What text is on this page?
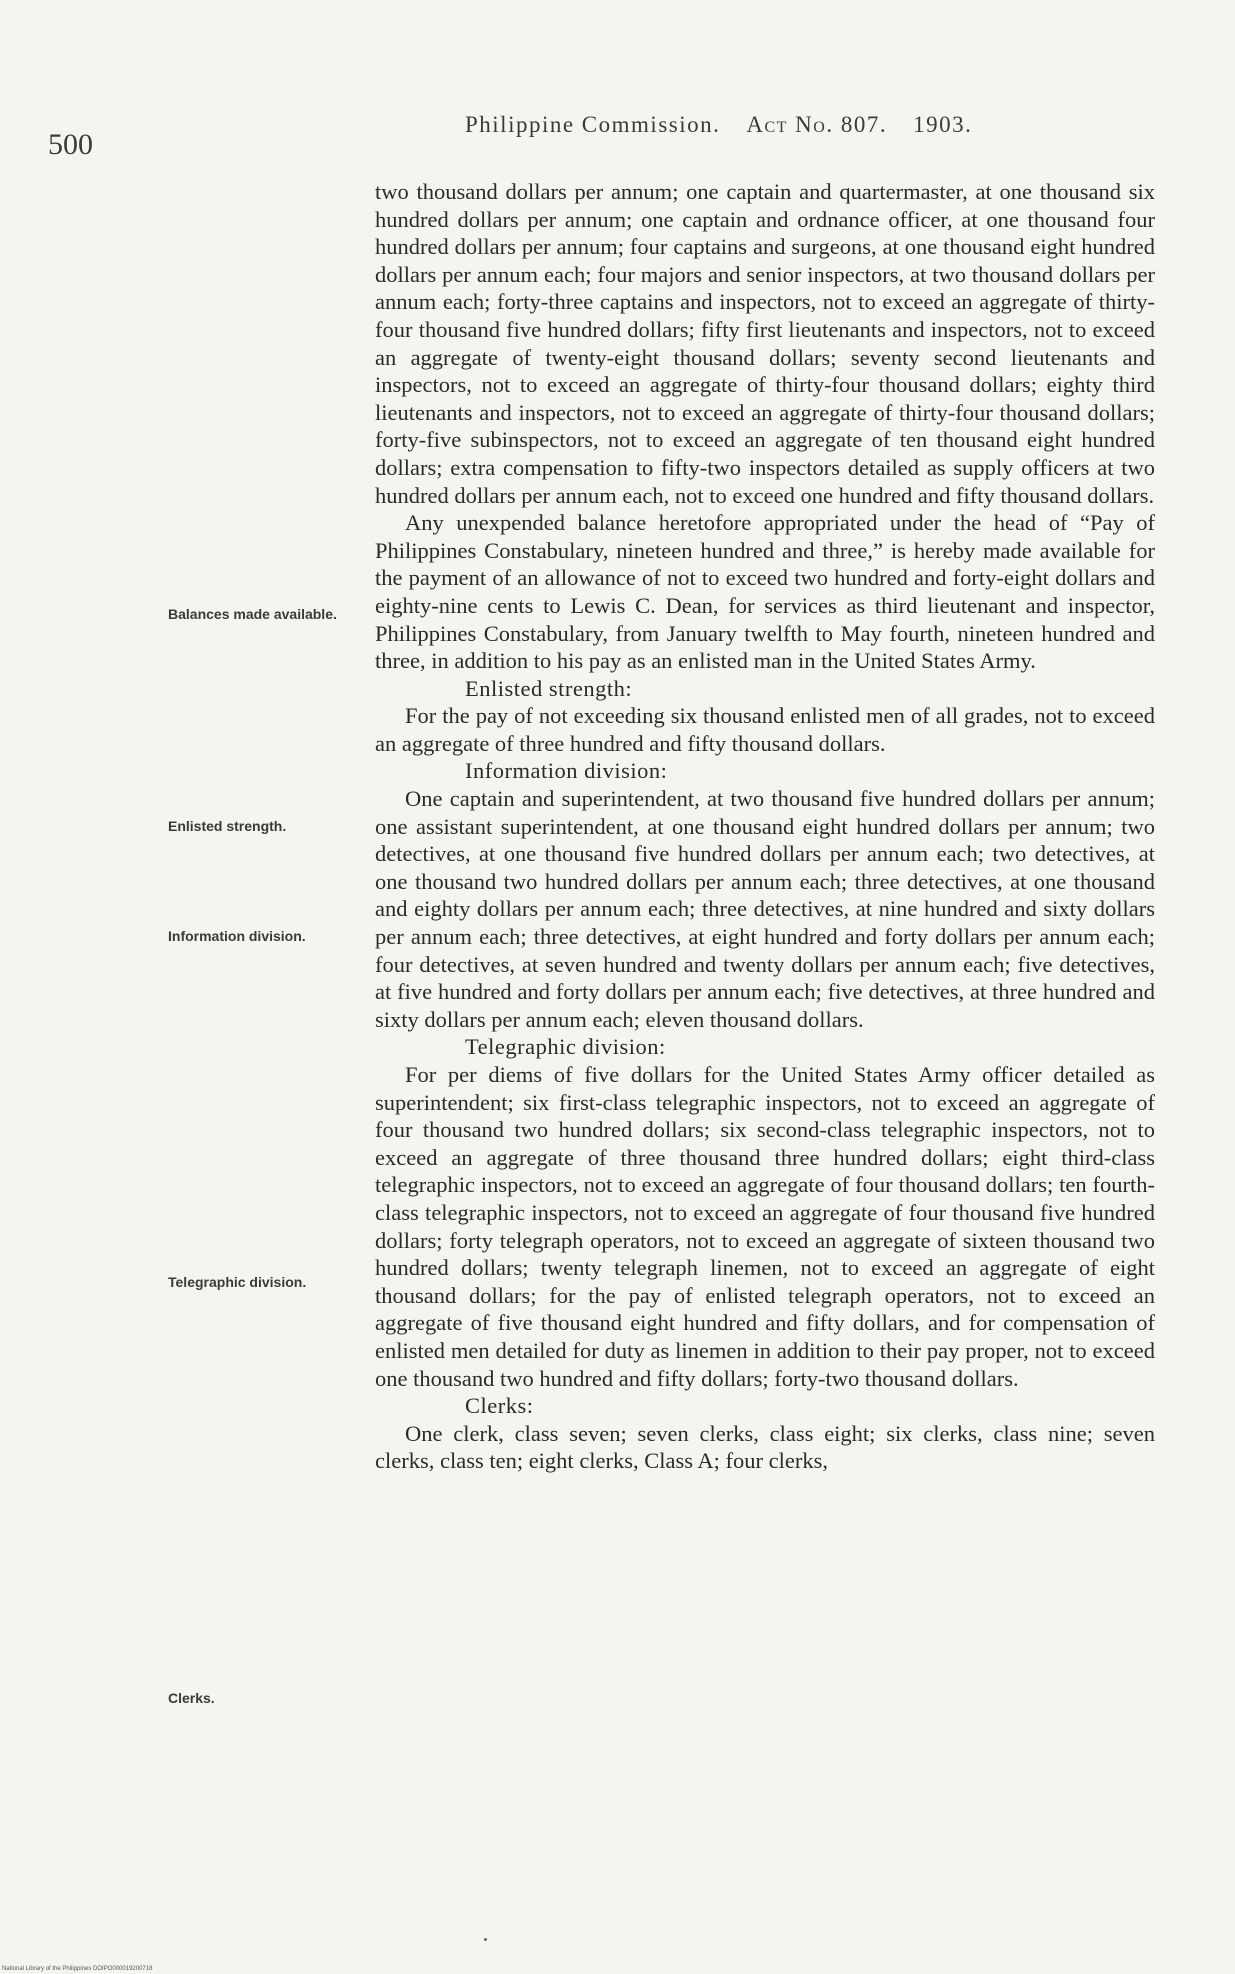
500
Philippine Commission. Act No. 807. 1903.
Balances made available.
Enlisted strength.
Information division.
Telegraphic division.
Clerks.

two thousand dollars per annum; one captain and quartermaster, at one thousand six hundred dollars per annum; one captain and ordnance officer, at one thousand four hundred dollars per annum; four captains and surgeons, at one thousand eight hundred dollars per annum each; four majors and senior inspectors, at two thousand dollars per annum each; forty-three captains and inspectors, not to exceed an aggregate of thirty-four thousand five hundred dollars; fifty first lieutenants and inspectors, not to exceed an aggregate of twenty-eight thousand dollars; seventy second lieutenants and inspectors, not to exceed an aggregate of thirty-four thousand dollars; eighty third lieutenants and inspectors, not to exceed an aggregate of thirty-four thousand dollars; forty-five subinspectors, not to exceed an aggregate of ten thousand eight hundred dollars; extra compensation to fifty-two inspectors detailed as supply officers at two hundred dollars per annum each, not to exceed one hundred and fifty thousand dollars.

Any unexpended balance heretofore appropriated under the head of “Pay of Philippines Constabulary, nineteen hundred and three,” is hereby made available for the payment of an allowance of not to exceed two hundred and forty-eight dollars and eighty-nine cents to Lewis C. Dean, for services as third lieutenant and inspector, Philippines Constabulary, from January twelfth to May fourth, nineteen hundred and three, in addition to his pay as an enlisted man in the United States Army.

Enlisted strength:

For the pay of not exceeding six thousand enlisted men of all grades, not to exceed an aggregate of three hundred and fifty thousand dollars.

Information division:

One captain and superintendent, at two thousand five hundred dollars per annum; one assistant superintendent, at one thousand eight hundred dollars per annum; two detectives, at one thousand five hundred dollars per annum each; two detectives, at one thousand two hundred dollars per annum each; three detectives, at one thousand and eighty dollars per annum each; three detectives, at nine hundred and sixty dollars per annum each; three detectives, at eight hundred and forty dollars per annum each; four detectives, at seven hundred and twenty dollars per annum each; five detectives, at five hundred and forty dollars per annum each; five detectives, at three hundred and sixty dollars per annum each; eleven thousand dollars.

Telegraphic division:

For per diems of five dollars for the United States Army officer detailed as superintendent; six first-class telegraphic inspectors, not to exceed an aggregate of four thousand two hundred dollars; six second-class telegraphic inspectors, not to exceed an aggregate of three thousand three hundred dollars; eight third-class telegraphic inspectors, not to exceed an aggregate of four thousand dollars; ten fourth-class telegraphic inspectors, not to exceed an aggregate of four thousand five hundred dollars; forty telegraph operators, not to exceed an aggregate of sixteen thousand two hundred dollars; twenty telegraph linemen, not to exceed an aggregate of eight thousand dollars; for the pay of enlisted telegraph operators, not to exceed an aggregate of five thousand eight hundred and fifty dollars, and for compensation of enlisted men detailed for duty as linemen in addition to their pay proper, not to exceed one thousand two hundred and fifty dollars; forty-two thousand dollars.

Clerks:

One clerk, class seven; seven clerks, class eight; six clerks, class nine; seven clerks, class ten; eight clerks, Class A; four clerks,

National Library of the Philippines DOIPO000019200718
